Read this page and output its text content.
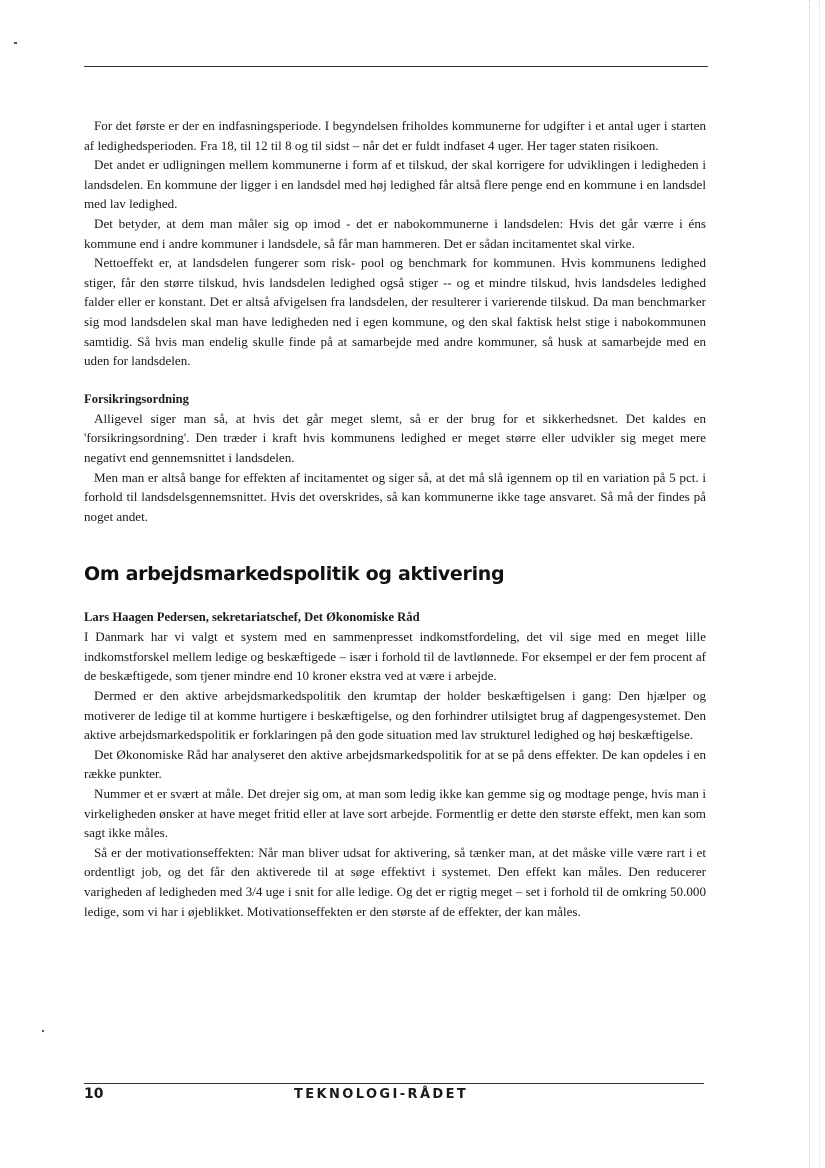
For det første er der en indfasningsperiode. I begyndelsen friholdes kommunerne for udgifter i et antal uger i starten af ledighedsperioden. Fra 18, til 12 til 8 og til sidst – når det er fuldt indfaset 4 uger. Her tager staten risikoen.

Det andet er udligningen mellem kommunerne i form af et tilskud, der skal korrigere for udviklingen i ledigheden i landsdelen. En kommune der ligger i en landsdel med høj ledighed får altså flere penge end en kommune i en landsdel med lav ledighed.

Det betyder, at dem man måler sig op imod - det er nabokommunerne i landsdelen: Hvis det går værre i éns kommune end i andre kommuner i landsdele, så får man hammeren. Det er sådan incitamentet skal virke.

Nettoeffekt er, at landsdelen fungerer som risk- pool og benchmark for kommunen. Hvis kommunens ledighed stiger, får den større tilskud, hvis landsdelen ledighed også stiger -- og et mindre tilskud, hvis landsdeles ledighed falder eller er konstant. Det er altså afvigelsen fra landsdelen, der resulterer i varierende tilskud. Da man benchmarker sig mod landsdelen skal man have ledigheden ned i egen kommune, og den skal faktisk helst stige i nabokommunen samtidig. Så hvis man endelig skulle finde på at samarbejde med andre kommuner, så husk at samarbejde med en uden for landsdelen.

Forsikringsordning

Alligevel siger man så, at hvis det går meget slemt, så er der brug for et sikkerhedsnet. Det kaldes en 'forsikringsordning'. Den træder i kraft hvis kommunens ledighed er meget større eller udvikler sig meget mere negativt end gennemsnittet i landsdelen.

Men man er altså bange for effekten af incitamentet og siger så, at det må slå igennem op til en variation på 5 pct. i forhold til landsdelsgennemsnittet. Hvis det overskrides, så kan kommunerne ikke tage ansvaret. Så må der findes på noget andet.

Om arbejdsmarkedspolitik og aktivering
Lars Haagen Pedersen, sekretariatschef, Det Økonomiske Råd

I Danmark har vi valgt et system med en sammenpresset indkomstfordeling, det vil sige med en meget lille indkomstforskel mellem ledige og beskæftigede – især i forhold til de lavtlønnede. For eksempel er der fem procent af de beskæftigede, som tjener mindre end 10 kroner ekstra ved at være i arbejde.

Dermed er den aktive arbejdsmarkedspolitik den krumtap der holder beskæftigelsen i gang: Den hjælper og motiverer de ledige til at komme hurtigere i beskæftigelse, og den forhindrer utilsigtet brug af dagpengesystemet. Den aktive arbejdsmarkedspolitik er forklaringen på den gode situation med lav strukturel ledighed og høj beskæftigelse.

Det Økonomiske Råd har analyseret den aktive arbejdsmarkedspolitik for at se på dens effekter. De kan opdeles i en række punkter.

Nummer et er svært at måle. Det drejer sig om, at man som ledig ikke kan gemme sig og modtage penge, hvis man i virkeligheden ønsker at have meget fritid eller at lave sort arbejde. Formentlig er dette den største effekt, men kan som sagt ikke måles.

Så er der motivationseffekten: Når man bliver udsat for aktivering, så tænker man, at det måske ville være rart i et ordentligt job, og det får den aktiverede til at søge effektivt i systemet. Den effekt kan måles. Den reducerer varigheden af ledigheden med 3/4 uge i snit for alle ledige. Og det er rigtig meget – set i forhold til de omkring 50.000 ledige, som vi har i øjeblikket. Motivationseffekten er den største af de effekter, der kan måles.

10	TEKNOLOGI-RÅDET
